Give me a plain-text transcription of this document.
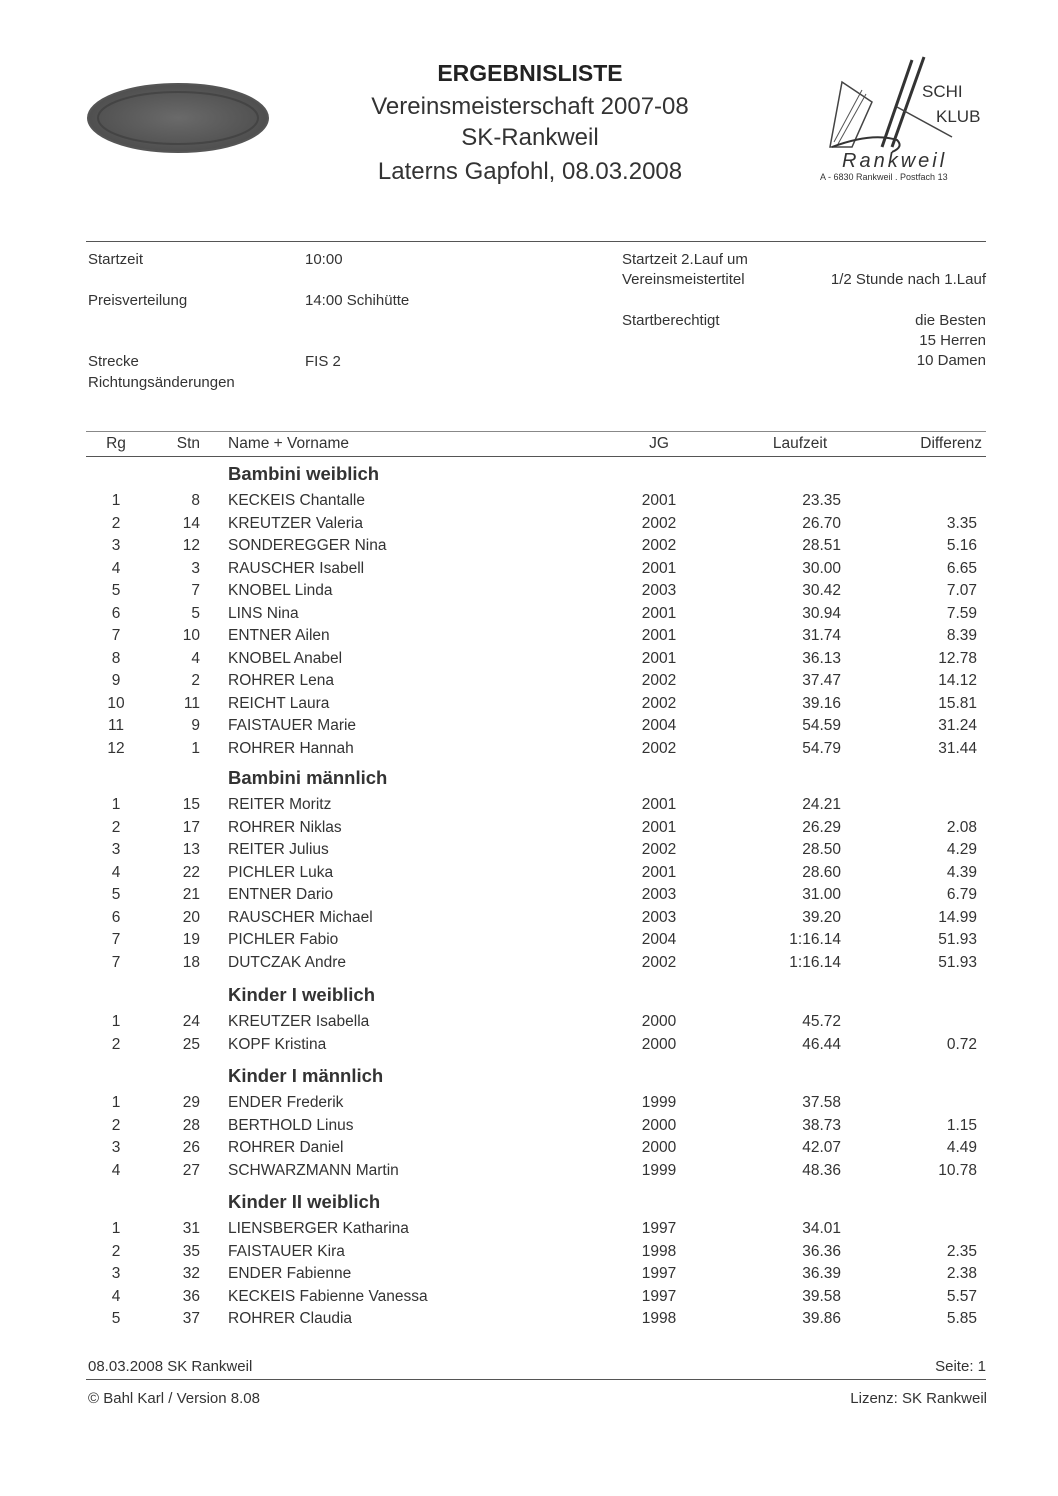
SCHI
KLUB
Rankweil
A - 6830 Rankweil . Postfach 13
ERGEBNISLISTE
Vereinsmeisterschaft 2007-08
SK-Rankweil
Laterns Gapfohl, 08.03.2008
Startzeit	10:00
Preisverteilung	14:00 Schihütte
Strecke	FIS 2
Richtungsänderungen
Startzeit 2.Lauf um
Vereinsmeistertitel	1/2 Stunde nach 1.Lauf
Startberechtigt	die Besten
15 Herren
10 Damen
Rg	Stn Name + Vorname	JG	Laufzeit	Differenz
Bambini weiblich
1	8 KECKEIS Chantalle	2001	23.35
2	14 KREUTZER Valeria	2002	26.70	3.35
3	12 SONDEREGGER Nina	2002	28.51	5.16
4	3 RAUSCHER Isabell	2001	30.00	6.65
5	7 KNOBEL Linda	2003	30.42	7.07
6	5 LINS Nina	2001	30.94	7.59
7	10 ENTNER Ailen	2001	31.74	8.39
8	4 KNOBEL Anabel	2001	36.13	12.78
9	2 ROHRER Lena	2002	37.47	14.12
10	11 REICHT Laura	2002	39.16	15.81
11	9 FAISTAUER Marie	2004	54.59	31.24
12	1 ROHRER Hannah	2002	54.79	31.44
Bambini männlich
1	15 REITER Moritz	2001	24.21
2	17 ROHRER Niklas	2001	26.29	2.08
3	13 REITER Julius	2002	28.50	4.29
4	22 PICHLER Luka	2001	28.60	4.39
5	21 ENTNER Dario	2003	31.00	6.79
6	20 RAUSCHER Michael	2003	39.20	14.99
7	19 PICHLER Fabio	2004	1:16.14	51.93
7	18 DUTCZAK Andre	2002	1:16.14	51.93
Kinder I weiblich
1	24 KREUTZER Isabella	2000	45.72
2	25 KOPF Kristina	2000	46.44	0.72
Kinder I männlich
1	29 ENDER Frederik	1999	37.58
2	28 BERTHOLD Linus	2000	38.73	1.15
3	26 ROHRER Daniel	2000	42.07	4.49
4	27 SCHWARZMANN Martin	1999	48.36	10.78
Kinder II weiblich
1	31 LIENSBERGER Katharina	1997	34.01
2	35 FAISTAUER Kira	1998	36.36	2.35
3	32 ENDER Fabienne	1997	36.39	2.38
4	36 KECKEIS Fabienne Vanessa	1997	39.58	5.57
5	37 ROHRER Claudia	1998	39.86	5.85
08.03.2008 SK Rankweil	Seite: 1
© Bahl Karl / Version 8.08	Lizenz: SK Rankweil
